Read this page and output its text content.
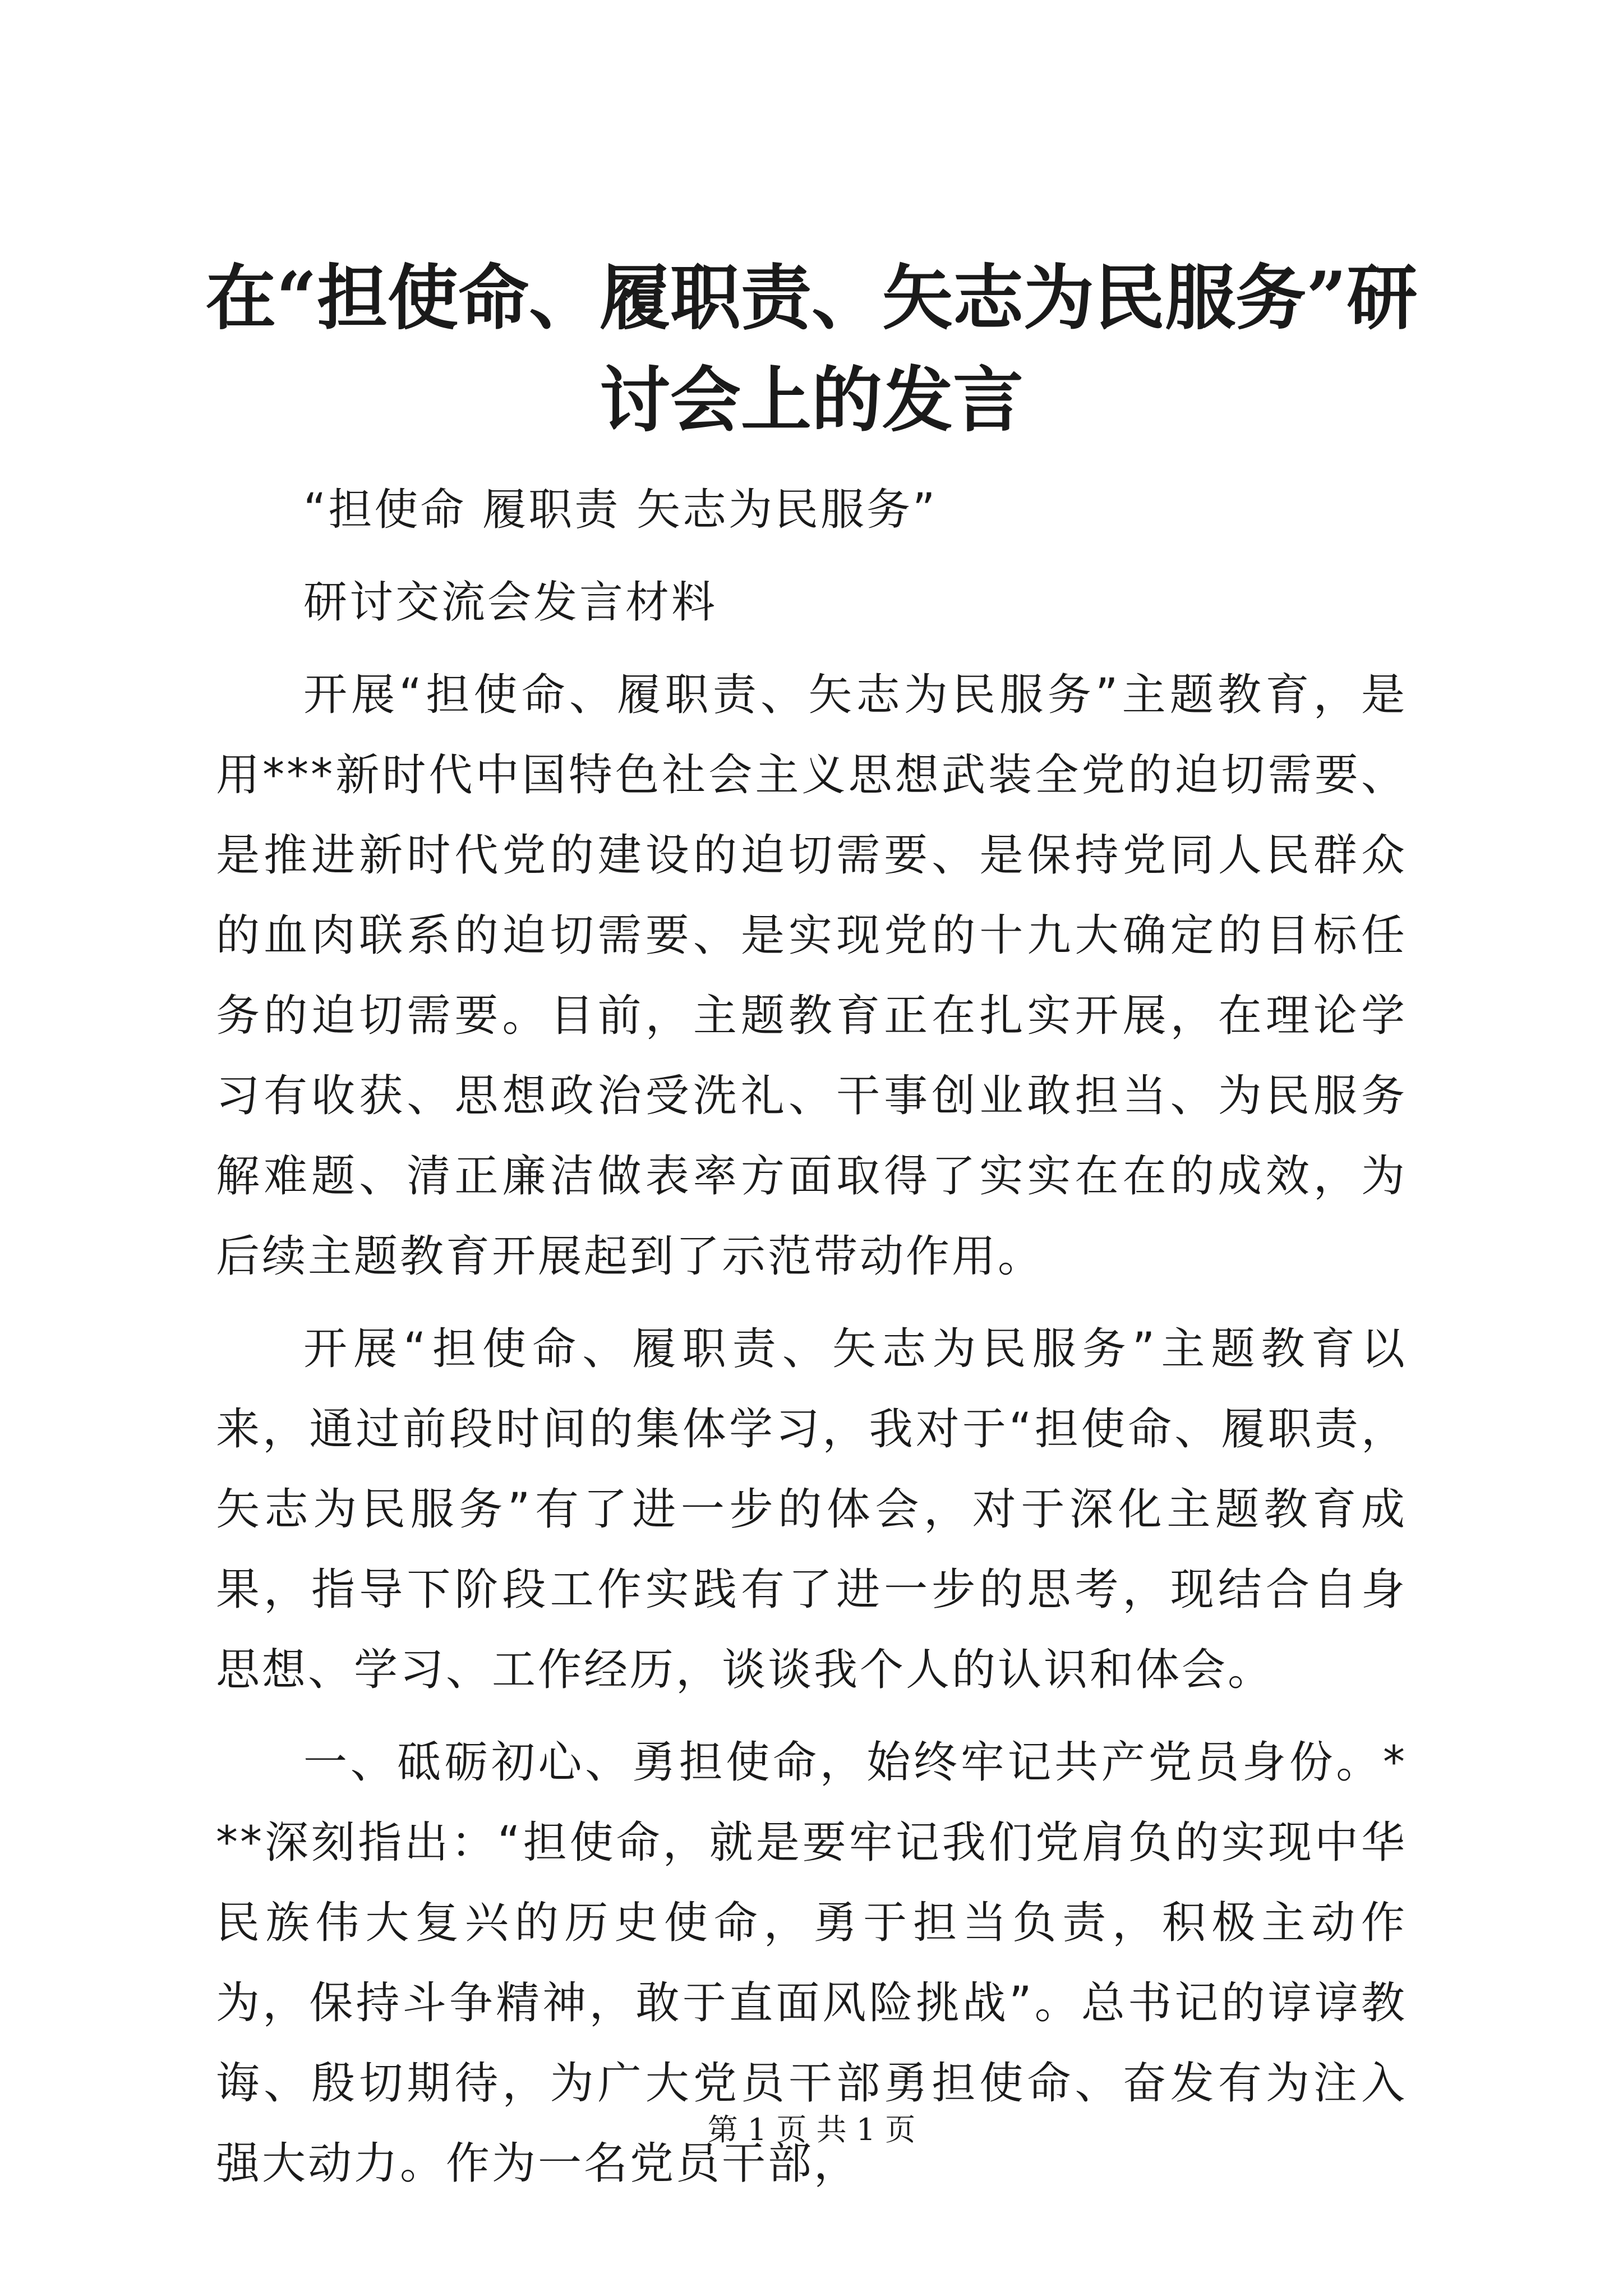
在“担使命、履职责、矢志为民服务”研讨会上的发言

“担使命 履职责 矢志为民服务”

研讨交流会发言材料

开展“担使命、履职责、矢志为民服务”主题教育，是用***新时代中国特色社会主义思想武装全党的迫切需要、是推进新时代党的建设的迫切需要、是保持党同人民群众的血肉联系的迫切需要、是实现党的十九大确定的目标任务的迫切需要。目前，主题教育正在扎实开展，在理论学习有收获、思想政治受洗礼、干事创业敢担当、为民服务解难题、清正廉洁做表率方面取得了实实在在的成效，为后续主题教育开展起到了示范带动作用。

开展“担使命、履职责、矢志为民服务”主题教育以来，通过前段时间的集体学习，我对于“担使命、履职责，矢志为民服务”有了进一步的体会，对于深化主题教育成果，指导下阶段工作实践有了进一步的思考，现结合自身思想、学习、工作经历，谈谈我个人的认识和体会。

一、砥砺初心、勇担使命，始终牢记共产党员身份。***深刻指出：“担使命，就是要牢记我们党肩负的实现中华民族伟大复兴的历史使命，勇于担当负责，积极主动作为，保持斗争精神，敢于直面风险挑战”。总书记的谆谆教诲、殷切期待，为广大党员干部勇担使命、奋发有为注入强大动力。作为一名党员干部，

第 1 页 共 1 页
